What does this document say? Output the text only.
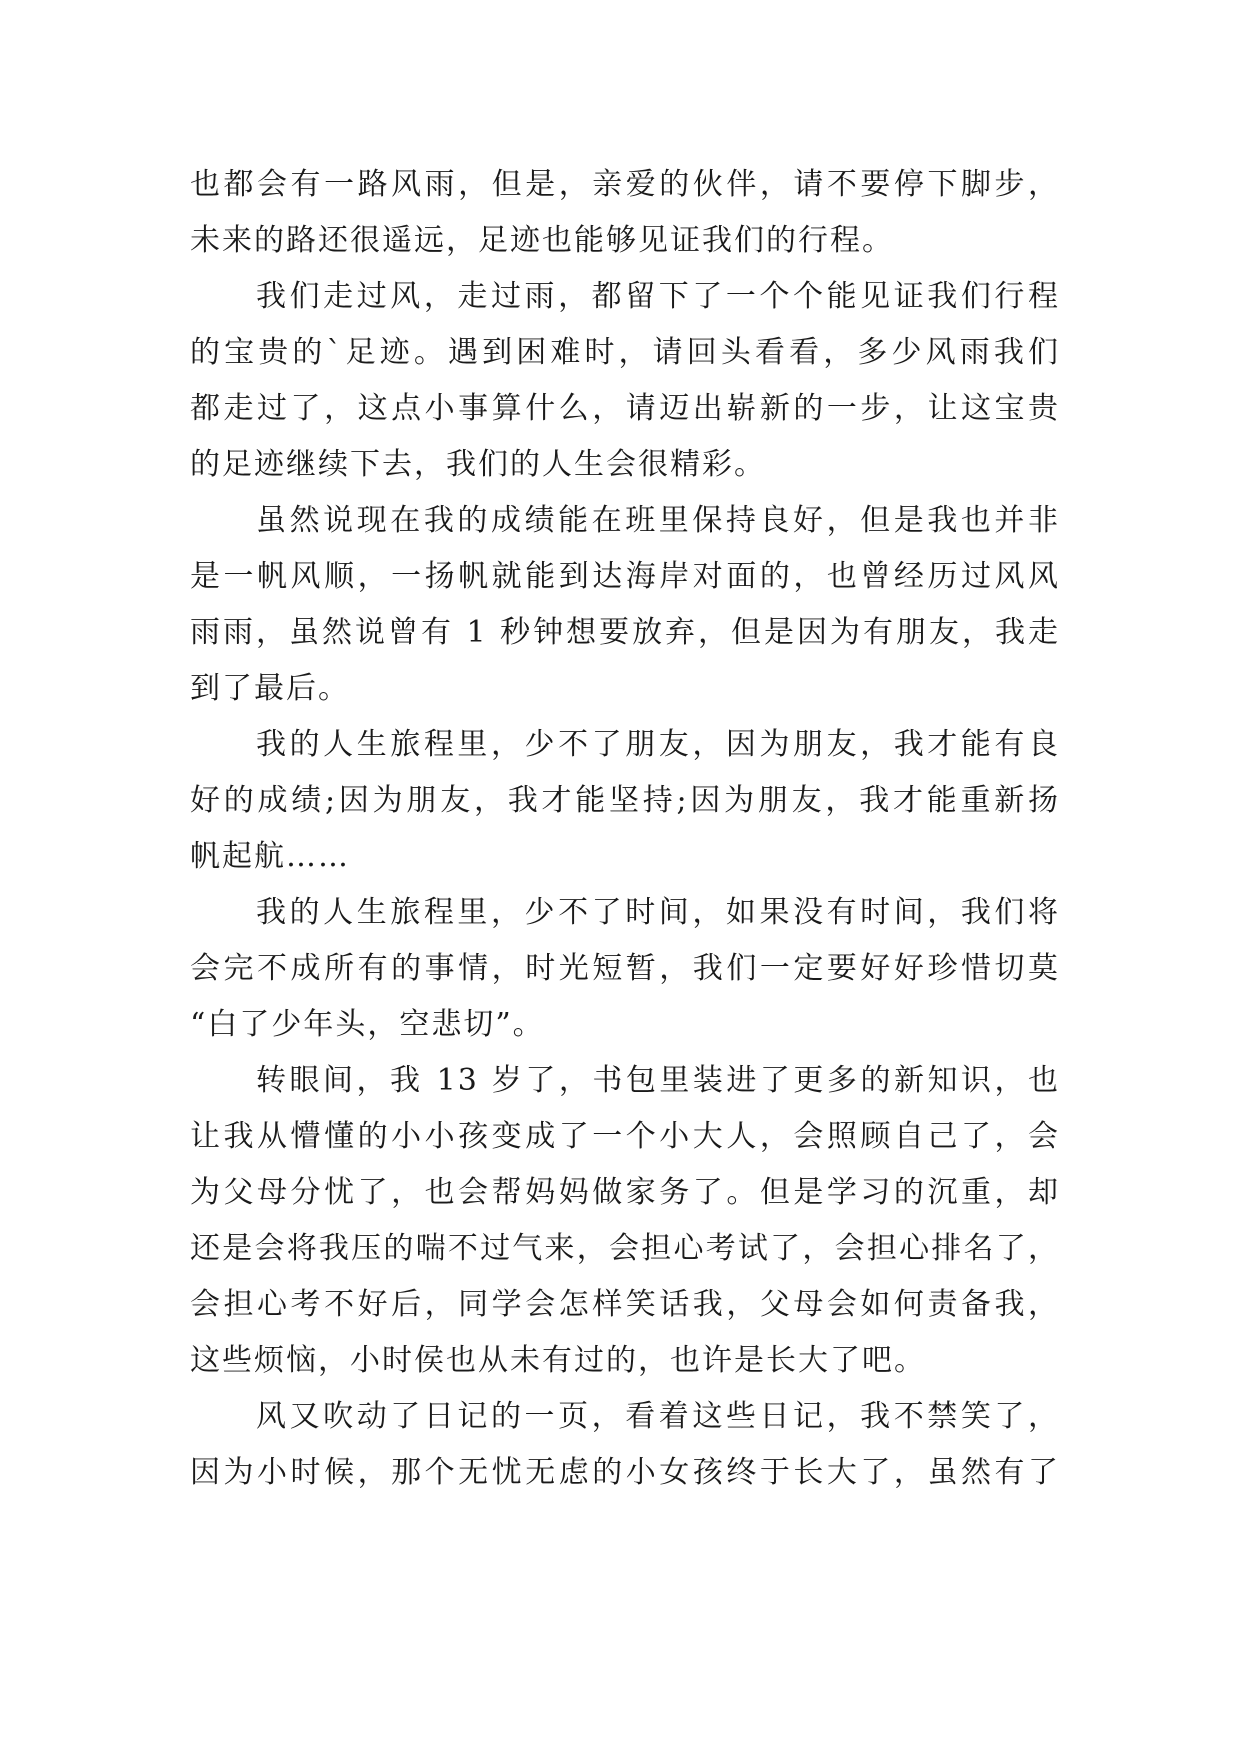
也都会有一路风雨，但是，亲爱的伙伴，请不要停下脚步，
未来的路还很遥远，足迹也能够见证我们的行程。
我们走过风，走过雨，都留下了一个个能见证我们行程
的宝贵的`足迹。遇到困难时，请回头看看，多少风雨我们
都走过了，这点小事算什么，请迈出崭新的一步，让这宝贵
的足迹继续下去，我们的人生会很精彩。
虽然说现在我的成绩能在班里保持良好，但是我也并非
是一帆风顺，一扬帆就能到达海岸对面的，也曾经历过风风
雨雨，虽然说曾有 1 秒钟想要放弃，但是因为有朋友，我走
到了最后。
我的人生旅程里，少不了朋友，因为朋友，我才能有良
好的成绩;因为朋友，我才能坚持;因为朋友，我才能重新扬
帆起航……
我的人生旅程里，少不了时间，如果没有时间，我们将
会完不成所有的事情，时光短暂，我们一定要好好珍惜切莫
“白了少年头，空悲切”。
转眼间，我 13 岁了，书包里装进了更多的新知识，也
让我从懵懂的小小孩变成了一个小大人，会照顾自己了，会
为父母分忧了，也会帮妈妈做家务了。但是学习的沉重，却
还是会将我压的喘不过气来，会担心考试了，会担心排名了，
会担心考不好后，同学会怎样笑话我，父母会如何责备我，
这些烦恼，小时侯也从未有过的，也许是长大了吧。
风又吹动了日记的一页，看着这些日记，我不禁笑了，
因为小时候，那个无忧无虑的小女孩终于长大了，虽然有了
